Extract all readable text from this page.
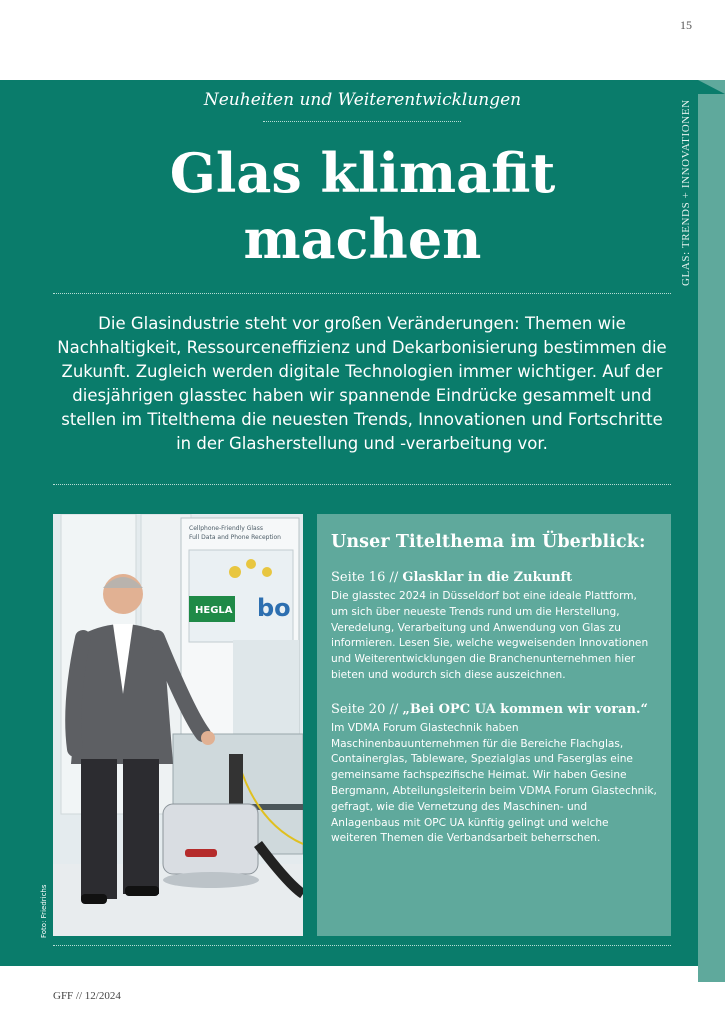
15
GLAS: TRENDS + INNOVATIONEN
Neuheiten und Weiterentwicklungen
Glas klimafit
machen
Die Glasindustrie steht vor großen Veränderungen: Themen wie Nachhaltigkeit, Ressourceneffizienz und Dekarbonisierung bestimmen die Zukunft. Zugleich werden digitale Technologien immer wichtiger. Auf der diesjährigen glasstec haben wir spannende Eindrücke gesammelt und stellen im Titelthema die neuesten Trends, Innovationen und Fortschritte in der Glasherstellung und -verarbeitung vor.
Cellphone-Friendly Glass
Full Data and Phone Reception
HEGLA bo
Foto: Friedrichs
Unser Titelthema im Überblick:
Seite 16 // Glasklar in die Zukunft
Die glasstec 2024 in Düsseldorf bot eine ideale Plattform, um sich über neueste Trends rund um die Herstellung, Veredelung, Verarbeitung und Anwendung von Glas zu informieren. Lesen Sie, welche wegweisenden Innovationen und Weiterentwicklungen die Branchenunternehmen hier bieten und wodurch sich diese auszeichnen.
Seite 20 // „Bei OPC UA kommen wir voran.“
Im VDMA Forum Glastechnik haben Maschinenbauunternehmen für die Bereiche Flachglas, Containerglas, Tableware, Spezialglas und Faserglas eine gemeinsame fachspezifische Heimat. Wir haben Gesine Bergmann, Abteilungsleiterin beim VDMA Forum Glastechnik, gefragt, wie die Vernetzung des Maschinen- und Anlagenbaus mit OPC UA künftig gelingt und welche weiteren Themen die Verbandsarbeit beherrschen.
GFF // 12/2024
